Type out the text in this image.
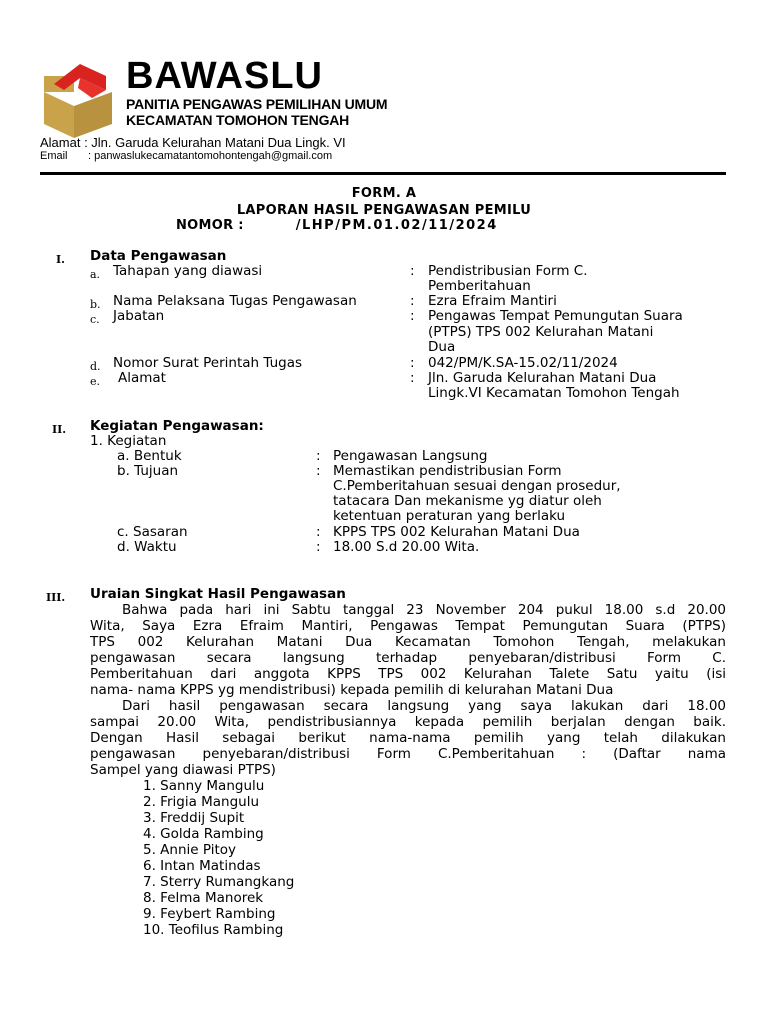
BAWASLU
PANITIA PENGAWAS PEMILIHAN UMUM
KECAMATAN TOMOHON TENGAH
Alamat : Jln. Garuda Kelurahan Matani Dua Lingk. VI
Email : panwaslukecamatantomohontengah@gmail.com
FORM. A
LAPORAN HASIL PENGAWASAN PEMILU
NOMOR :	/LHP/PM.01.02/11/2024
I. Data Pengawasan
a. Tahapan yang diawasi	: Pendistribusian Form C.
Pemberitahuan
b. Nama Pelaksana Tugas Pengawasan	: Ezra Efraim Mantiri
c. Jabatan	: Pengawas Tempat Pemungutan Suara
(PTPS) TPS 002 Kelurahan Matani
Dua
d. Nomor Surat Perintah Tugas	: 042/PM/K.SA-15.02/11/2024
e. Alamat	: Jln. Garuda Kelurahan Matani Dua
Lingk.VI Kecamatan Tomohon Tengah
II. Kegiatan Pengawasan:
1. Kegiatan
a. Bentuk	: Pengawasan Langsung
b. Tujuan	: Memastikan pendistribusian Form
C.Pemberitahuan sesuai dengan prosedur,
tatacara Dan mekanisme yg diatur oleh
ketentuan peraturan yang berlaku
c. Sasaran	: KPPS TPS 002 Kelurahan Matani Dua
d. Waktu	: 18.00 S.d 20.00 Wita.
III. Uraian Singkat Hasil Pengawasan
Bahwa pada hari ini Sabtu tanggal 23 November 204 pukul 18.00 s.d 20.00
Wita, Saya Ezra Efraim Mantiri, Pengawas Tempat Pemungutan Suara (PTPS)
TPS 002 Kelurahan Matani Dua Kecamatan Tomohon Tengah, melakukan
pengawasan secara langsung terhadap penyebaran/distribusi Form C.
Pemberitahuan dari anggota KPPS TPS 002 Kelurahan Talete Satu yaitu (isi
nama- nama KPPS yg mendistribusi) kepada pemilih di kelurahan Matani Dua
Dari hasil pengawasan secara langsung yang saya lakukan dari 18.00
sampai 20.00 Wita, pendistribusiannya kepada pemilih berjalan dengan baik.
Dengan Hasil sebagai berikut nama-nama pemilih yang telah dilakukan
pengawasan penyebaran/distribusi Form C.Pemberitahuan : (Daftar nama
Sampel yang diawasi PTPS)
1. Sanny Mangulu
2. Frigia Mangulu
3. Freddij Supit
4. Golda Rambing
5. Annie Pitoy
6. Intan Matindas
7. Sterry Rumangkang
8. Felma Manorek
9. Feybert Rambing
10. Teofilus Rambing
